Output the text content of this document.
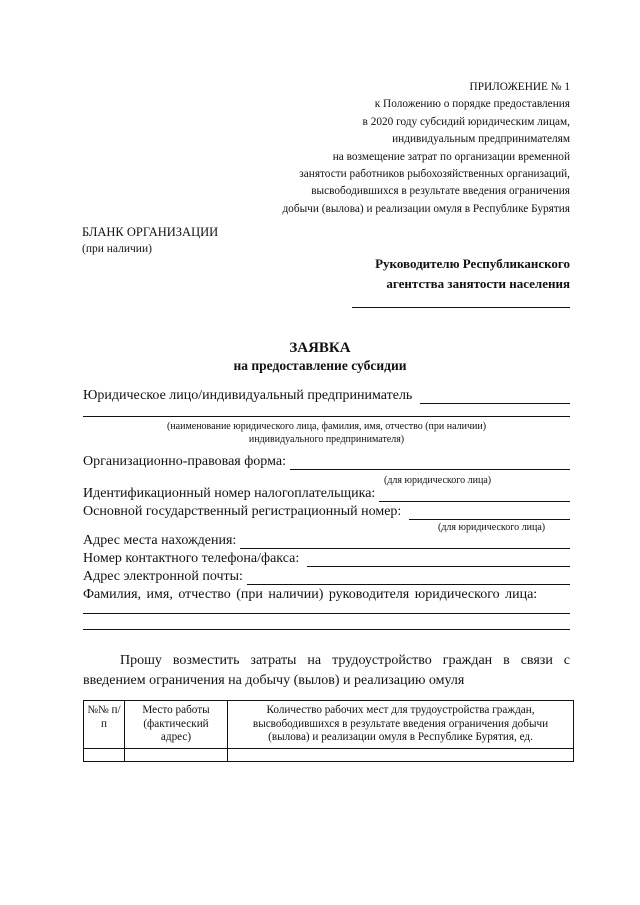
ПРИЛОЖЕНИЕ № 1
к Положению о порядке предоставления
в 2020 году субсидий юридическим лицам,
индивидуальным предпринимателям
на возмещение затрат по организации временной
занятости работников рыбохозяйственных организаций,
высвободившихся в результате введения ограничения
добычи (вылова) и реализации омуля в Республике Бурятия
БЛАНК ОРГАНИЗАЦИИ
(при наличии)
Руководителю Республиканского
агентства занятости населения
ЗАЯВКА
на предоставление субсидии
Юридическое лицо/индивидуальный предприниматель
(наименование юридического лица, фамилия, имя, отчество (при наличии)
индивидуального предпринимателя)
Организационно-правовая форма:
(для юридического лица)
Идентификационный номер налогоплательщика:
Основной государственный регистрационный номер:
(для юридического лица)
Адрес места нахождения:
Номер контактного телефона/факса:
Адрес электронной почты:
Фамилия, имя, отчество (при наличии) руководителя юридического лица:
Прошу возместить затраты на трудоустройство граждан в связи с введением ограничения на добычу (вылов) и реализацию омуля
№№ п/п	Место работы (фактический адрес)	Количество рабочих мест для трудоустройства граждан, высвободившихся в результате введения ограничения добычи (вылова) и реализации омуля в Республике Бурятия, ед.
